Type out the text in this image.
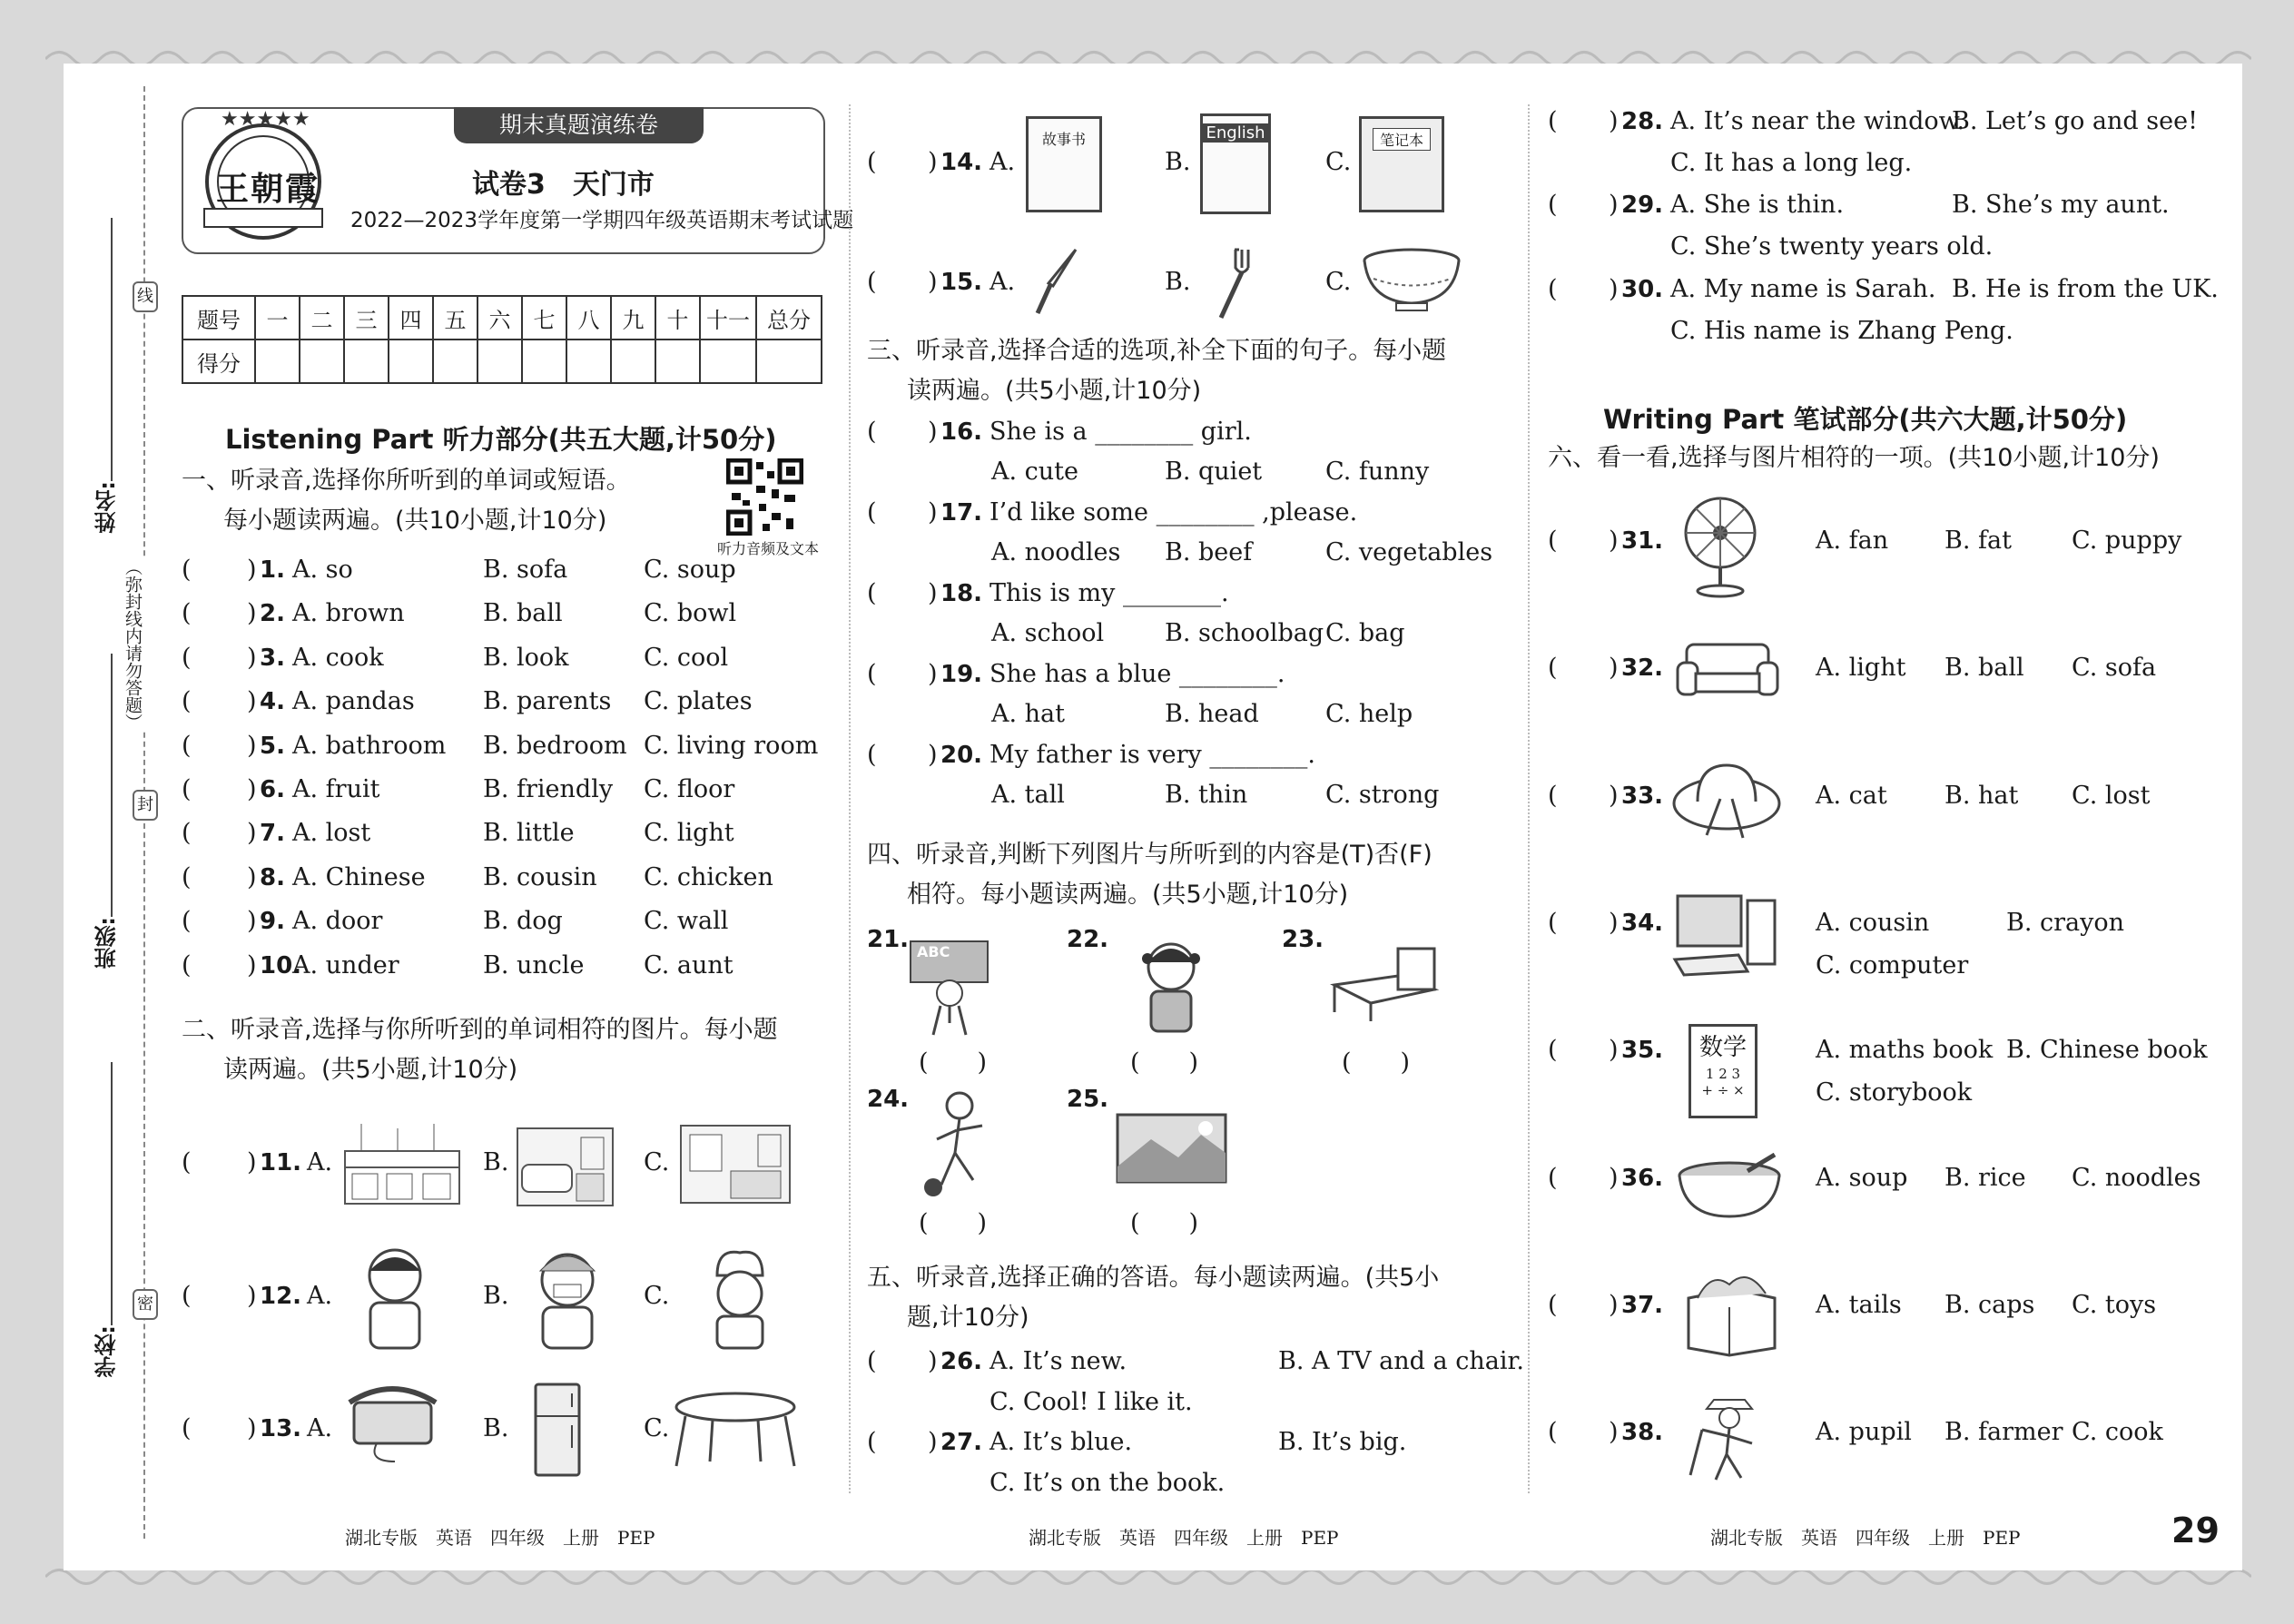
姓名:
班级:
学校:
线
封
密
（弥封线内请勿答题）
期末真题演练卷
★★★★★
王朝霞	试卷3　天门市
2022—2023学年度第一学期四年级英语期末考试试题
题号	一	二	三	四	五	六	七	八	九	十	十一	总分
得分												
Listening Part 听力部分(共五大题,计50分)
听力音频及文本
一、听录音,选择你所听到的单词或短语。
每小题读两遍。(共10小题,计10分)
( ) 1. A. so	B. sofa	C. soup
( ) 2. A. brown	B. ball	C. bowl
( ) 3. A. cook	B. look	C. cool
( ) 4. A. pandas	B. parents C. plates
( ) 5. A. bathroom B. bedroom C. living room
( ) 6. A. fruit	B. friendly C. floor
( ) 7. A. lost	B. little	C. light
( ) 8. A. Chinese B. cousin C. chicken
( ) 9. A. door	B. dog	C. wall
( ) 10.
A. under	B. uncle C. aunt
二、听录音,选择与你所听到的单词相符的图片。每小题
读两遍。(共5小题,计10分)
( ) 11. A.	B.	C.
( ) 12. A.	B.	C.
( ) 13. A.	B.	C.
( ) 14. A.	B.	C.
故事书	English	笔记本
( ) 15. A.	B.	C.
三、听录音,选择合适的选项,补全下面的句子。每小题
读两遍。(共5小题,计10分)
( ) 16. She is a ________ girl.
A. cute	B. quiet	C. funny
( ) 17. I’d like some ________ ,please.
A. noodles B. beef	C. vegetables
( ) 18. This is my ________.
A. school B. schoolbag C. bag
( ) 19. She has a blue ________.
A. hat	B. head	C. help
( ) 20. My father is very ________.
A. tall	B. thin	C. strong
四、听录音,判断下列图片与所听到的内容是(T)否(F)
相符。每小题读两遍。(共5小题,计10分)
21. ABC
(　　)
22.
(　　)
23.
(　　)
24.
(　　)
25.
(　　)
五、听录音,选择正确的答语。每小题读两遍。(共5小
题,计10分)
( ) 26. A. It’s new.	B. A TV and a chair.
C. Cool! I like it.
( ) 27. A. It’s blue.	B. It’s big.
C. It’s on the book.
( ) 28. A. It’s near the window.
B. Let’s go and see!
C. It has a long leg.
( ) 29. A. She is thin.	B. She’s my aunt.
C. She’s twenty years old.
( ) 30. A. My name is Sarah. B. He is from the UK.
C. His name is Zhang Peng.
Writing Part 笔试部分(共六大题,计50分)
六、看一看,选择与图片相符的一项。(共10小题,计10分)
( ) 31.	A. fan B. fat C. puppy
( ) 32.	A. light B. ball C. sofa
( ) 33.	A. cat B. hat C. lost
( ) 34.	A. cousin	B. crayon
C. computer
( ) 35.	A. maths book B. Chinese book
C. storybook
( ) 36.	A. soup B. rice C. noodles
( ) 37.	A. tails B. caps C. toys
( ) 38.	A. pupil B. farmer C. cook
数学
1 2 3
+ ÷ ×
湖北专版　英语　四年级　上册　PEP	湖北专版　英语　四年级　上册　PEP	湖北专版　英语　四年级　上册　PEP	29
